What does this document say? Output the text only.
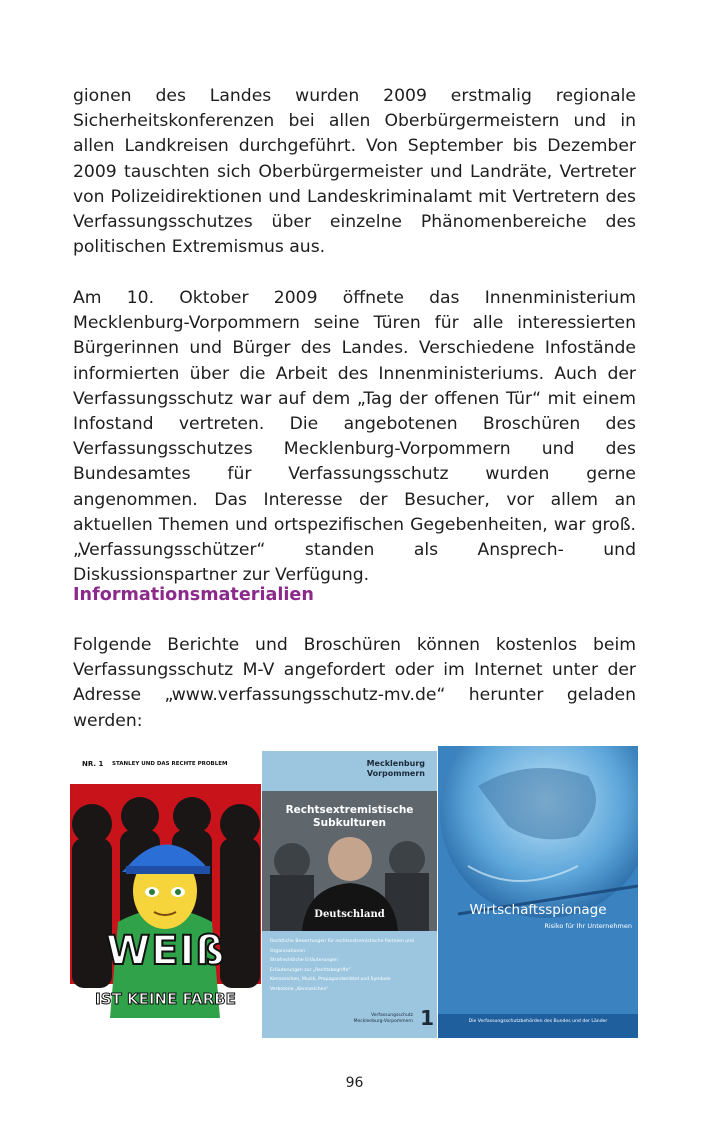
gionen des Landes wurden 2009 erstmalig regionale Sicherheitskonferenzen bei allen Oberbürgermeistern und in allen Landkreisen durchgeführt. Von September bis Dezember 2009 tauschten sich Oberbürgermeister und Landräte, Vertreter von Polizeidirektionen und Landeskriminalamt mit Vertretern des Verfassungsschutzes über einzelne Phänomenbereiche des politischen Extremismus aus.

Am 10. Oktober 2009 öffnete das Innenministerium Mecklenburg-Vorpommern seine Türen für alle interessierten Bürgerinnen und Bürger des Landes. Verschiedene Infostände informierten über die Arbeit des Innenministeriums. Auch der Verfassungsschutz war auf dem „Tag der offenen Tür“ mit einem Infostand vertreten. Die angebotenen Broschüren des Verfassungsschutzes Mecklenburg-Vorpommern und des Bundesamtes für Verfassungsschutz wurden gerne angenommen. Das Interesse der Besucher, vor allem an aktuellen Themen und ortspezifischen Gegebenheiten, war groß. „Verfassungsschützer“ standen als Ansprech- und Diskussionspartner zur Verfügung.

Informationsmaterialien

Folgende Berichte und Broschüren können kostenlos beim Verfassungsschutz M-V angefordert oder im Internet unter der Adresse „www.verfassungsschutz-mv.de“ herunter geladen werden:

NR. 1 STANLEY UND DAS RECHTE PROBLEM
WEIß
IST KEINE FARBE
Mecklenburg
Vorpommern
Rechtsextremistische
Subkulturen
Deutschland
Rechtliche Bewertungen für rechtsextremistische Parteien und Organisationen
Strafrechtliche Erläuterungen
Erläuterungen zur „Rechtsbegriffe“
Kennzeichen, Musik, Propagandamittel und Symbole
Verbotene „Kennzeichen“
Verfassungsschutz Mecklenburg-Vorpommern 1
Wirtschaftsspionage
Risiko für Ihr Unternehmen
Die Verfassungsschutzbehörden des Bundes und der Länder
96
